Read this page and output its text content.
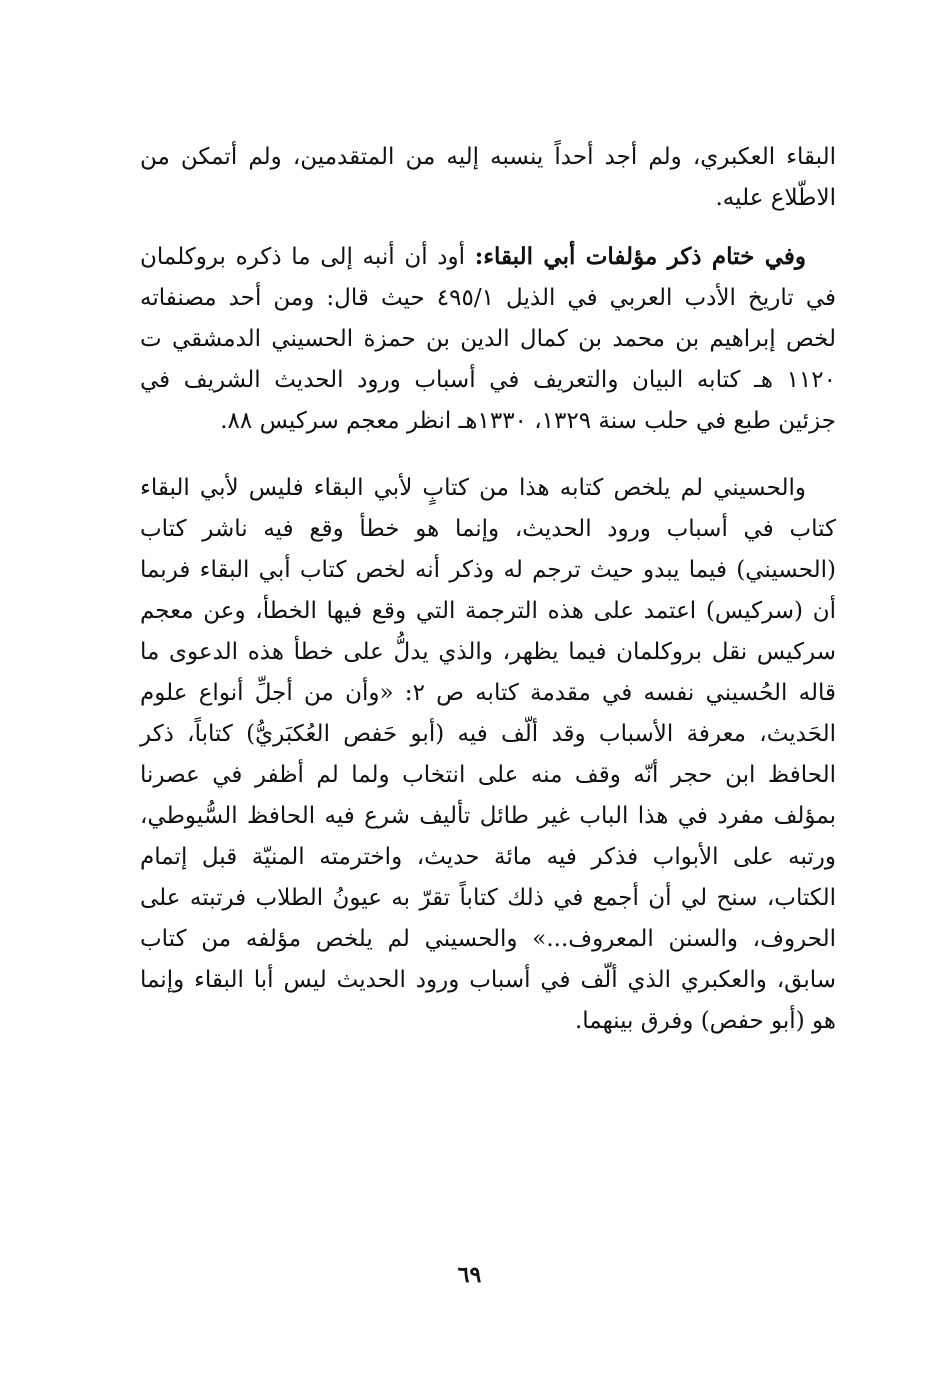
البقاء العكبري، ولم أجد أحداً ينسبه إليه من المتقدمين، ولم أتمكن من الاطّلاع عليه.

وفي ختام ذكر مؤلفات أبي البقاء: أود أن أنبه إلى ما ذكره بروكلمان في تاريخ الأدب العربي في الذيل ٤٩٥/١ حيث قال: ومن أحد مصنفاته لخص إبراهيم بن محمد بن كمال الدين بن حمزة الحسيني الدمشقي ت ١١٢٠ هـ كتابه البيان والتعريف في أسباب ورود الحديث الشريف في جزئين طبع في حلب سنة ١٣٢٩، ١٣٣٠هـ انظر معجم سركيس ٨٨.

والحسيني لم يلخص كتابه هذا من كتابٍ لأبي البقاء فليس لأبي البقاء كتاب في أسباب ورود الحديث، وإنما هو خطأ وقع فيه ناشر كتاب (الحسيني) فيما يبدو حيث ترجم له وذكر أنه لخص كتاب أبي البقاء فربما أن (سركيس) اعتمد على هذه الترجمة التي وقع فيها الخطأ، وعن معجم سركيس نقل بروكلمان فيما يظهر، والذي يدلُّ على خطأ هذه الدعوى ما قاله الحُسيني نفسه في مقدمة كتابه ص ٢: «وأن من أجلِّ أنواع علوم الحَديث، معرفة الأسباب وقد ألّف فيه (أبو حَفص العُكبَريُّ) كتاباً، ذكر الحافظ ابن حجر أنّه وقف منه على انتخاب ولما لم أظفر في عصرنا بمؤلف مفرد في هذا الباب غير طائل تأليف شرع فيه الحافظ السُّيوطي، ورتبه على الأبواب فذكر فيه مائة حديث، واخترمته المنيّة قبل إتمام الكتاب، سنح لي أن أجمع في ذلك كتاباً تقرّ به عيونُ الطلاب فرتبته على الحروف، والسنن المعروف...» والحسيني لم يلخص مؤلفه من كتاب سابق، والعكبري الذي ألّف في أسباب ورود الحديث ليس أبا البقاء وإنما هو (أبو حفص) وفرق بينهما.

٦٩
